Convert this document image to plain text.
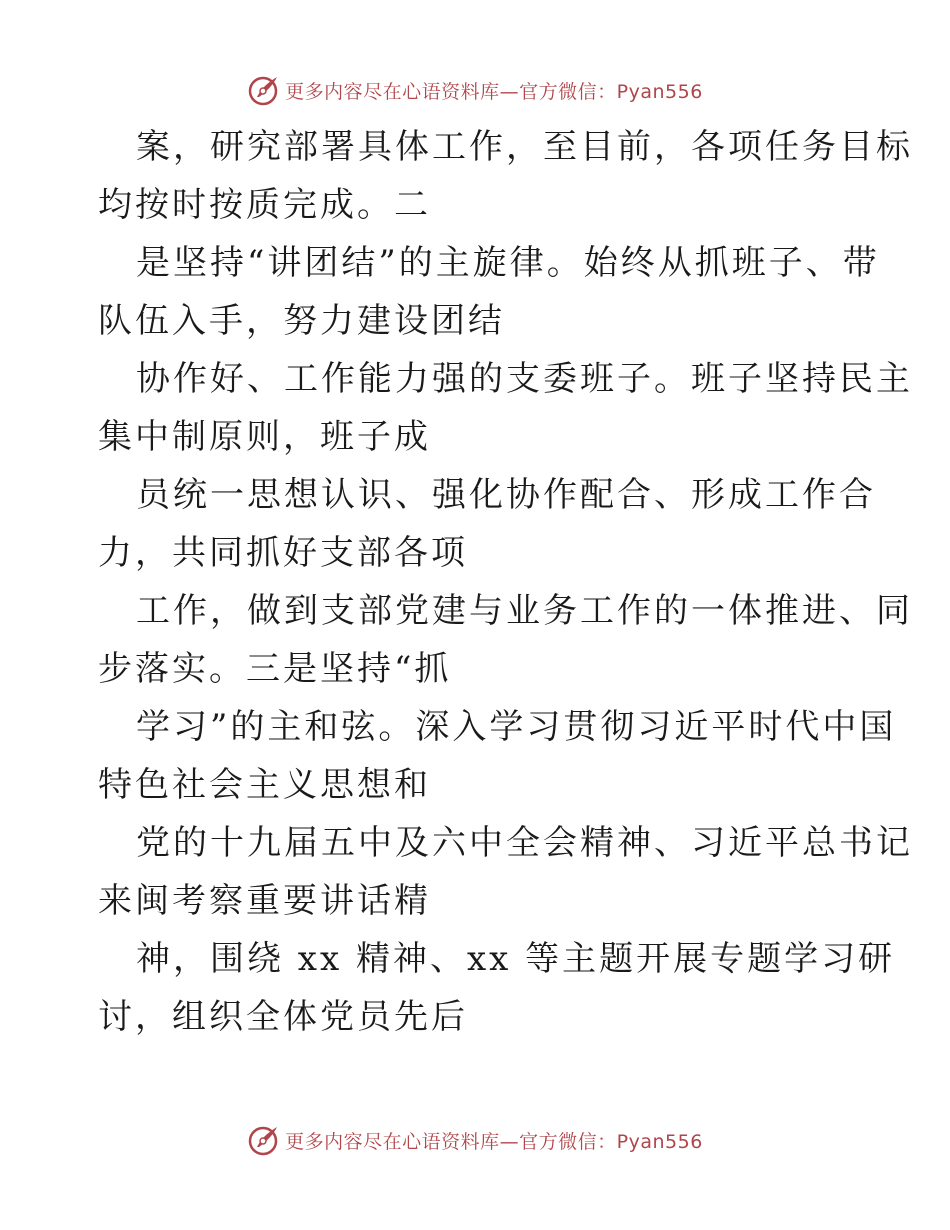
更多内容尽在心语资料库—官方微信：Pyan556
案，研究部署具体工作，至目前，各项任务目标
均按时按质完成。二
是坚持“讲团结”的主旋律。始终从抓班子、带
队伍入手，努力建设团结
协作好、工作能力强的支委班子。班子坚持民主
集中制原则，班子成
员统一思想认识、强化协作配合、形成工作合
力，共同抓好支部各项
工作，做到支部党建与业务工作的一体推进、同
步落实。三是坚持“抓
学习”的主和弦。深入学习贯彻习近平时代中国
特色社会主义思想和
党的十九届五中及六中全会精神、习近平总书记
来闽考察重要讲话精
神，围绕 xx 精神、xx 等主题开展专题学习研
讨，组织全体党员先后
更多内容尽在心语资料库—官方微信：Pyan556
